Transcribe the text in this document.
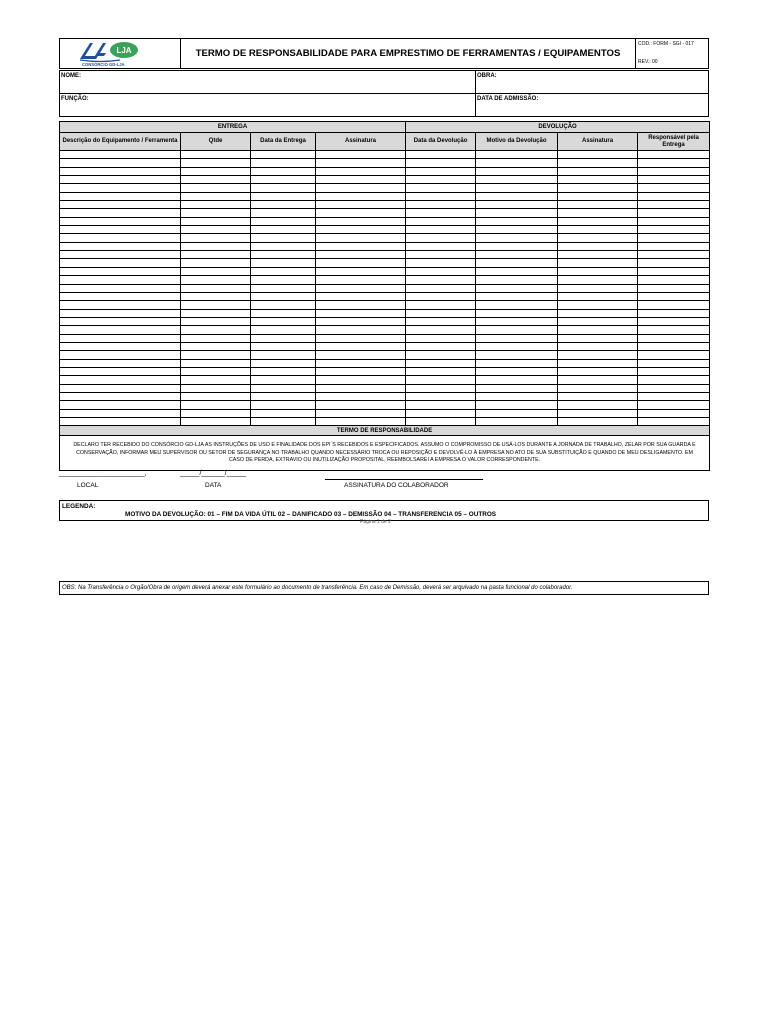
LJA
CONSÓRCIO GD-LJA
TERMO DE RESPONSABILIDADE PARA EMPRESTIMO DE FERRAMENTAS / EQUIPAMENTOS
COD.: FORM - SGI - 017
REV.: 00
NOME:	OBRA:
FUNÇÃO:	DATA DE ADMISSÃO:
ENTREGA				DEVOLUÇÃO			
Descrição do Equipamento / Ferramenta	Qtde	Data da Entrega	Assinatura	Data da Devolução	Motivo da Devolução	Assinatura	Responsável pela Entrega

TERMO DE RESPONSABILIDADE							
DECLARO TER RECEBIDO DO CONSÓRCIO GD-LJA AS INSTRUÇÕES DE USO E FINALIDADE DOS EPI´S RECEBIDOS E ESPECIFICADOS. ASSUMO O COMPROMISSO DE USÁ-LOS DURANTE A JORNADA DE TRABALHO, ZELAR POR SUA GUARDA E CONSERVAÇÃO, INFORMAR MEU SUPERVISOR OU SETOR DE SEGURANÇA NO TRABALHO QUANDO NECESSÁRIO TROCA OU REPOSIÇÃO E DEVOLVÊ-LO À EMPRESA NO ATO DE SUA SUBSTITUIÇÃO E QUANDO DE MEU DESLIGAMENTO. EM CASO DE PERDA, EXTRAVIO OU INUTILIZAÇÃO PROPOSITAL, REEMBOLSAREI A EMPRESA O VALOR CORRESPONDENTE.							
______________________,	_____/______/_____
LOCAL	DATA	ASSINATURA DO COLABORADOR
LEGENDA:
MOTIVO DA DEVOLUÇÃO: 01 – FIM DA VIDA ÚTIL 02 – DANIFICADO 03 – DEMISSÃO 04 – TRANSFERENCIA 05 – OUTROS
Página 1 de 2
OBS: Na Transferência o Orgão/Obra de origem deverá anexar este formulário ao documento de transferência. Em caso de Demissão, deverá ser arquivado na pasta funcional do colaborador.
